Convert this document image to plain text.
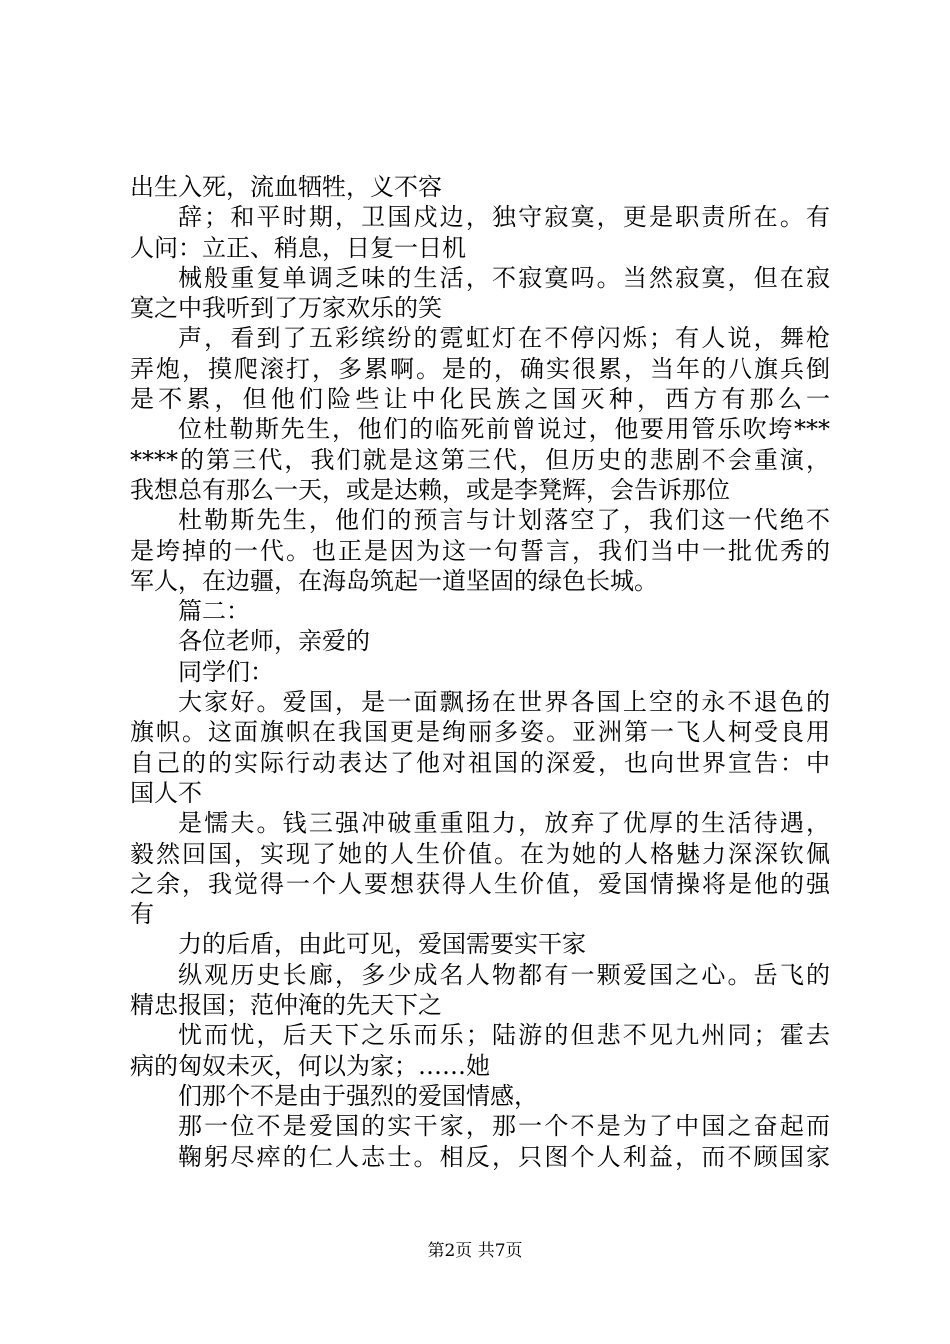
出生入死，流血牺牲，义不容
辞；和平时期，卫国戍边，独守寂寞，更是职责所在。有
人问：立正、稍息，日复一日机
械般重复单调乏味的生活，不寂寞吗。当然寂寞，但在寂
寞之中我听到了万家欢乐的笑
声，看到了五彩缤纷的霓虹灯在不停闪烁；有人说，舞枪
弄炮，摸爬滚打，多累啊。是的，确实很累，当年的八旗兵倒
是不累，但他们险些让中化民族之国灭种，西方有那么一
位杜勒斯先生，他们的临死前曾说过，他要用管乐吹垮***
****的第三代，我们就是这第三代，但历史的悲剧不会重演，
我想总有那么一天，或是达赖，或是李凳辉，会告诉那位
杜勒斯先生，他们的预言与计划落空了，我们这一代绝不
是垮掉的一代。也正是因为这一句誓言，我们当中一批优秀的
军人，在边疆，在海岛筑起一道坚固的绿色长城。
篇二：
各位老师，亲爱的
同学们：
大家好。爱国，是一面飘扬在世界各国上空的永不退色的
旗帜。这面旗帜在我国更是绚丽多姿。亚洲第一飞人柯受良用
自己的的实际行动表达了他对祖国的深爱，也向世界宣告：中
国人不
是懦夫。钱三强冲破重重阻力，放弃了优厚的生活待遇，
毅然回国，实现了她的人生价值。在为她的人格魅力深深钦佩
之余，我觉得一个人要想获得人生价值，爱国情操将是他的强
有
力的后盾，由此可见，爱国需要实干家
纵观历史长廊，多少成名人物都有一颗爱国之心。岳飞的
精忠报国；范仲淹的先天下之
忧而忧，后天下之乐而乐；陆游的但悲不见九州同；霍去
病的匈奴未灭，何以为家；……她
们那个不是由于强烈的爱国情感，
那一位不是爱国的实干家，那一个不是为了中国之奋起而
鞠躬尽瘁的仁人志士。相反，只图个人利益，而不顾国家
第2页 共7页
